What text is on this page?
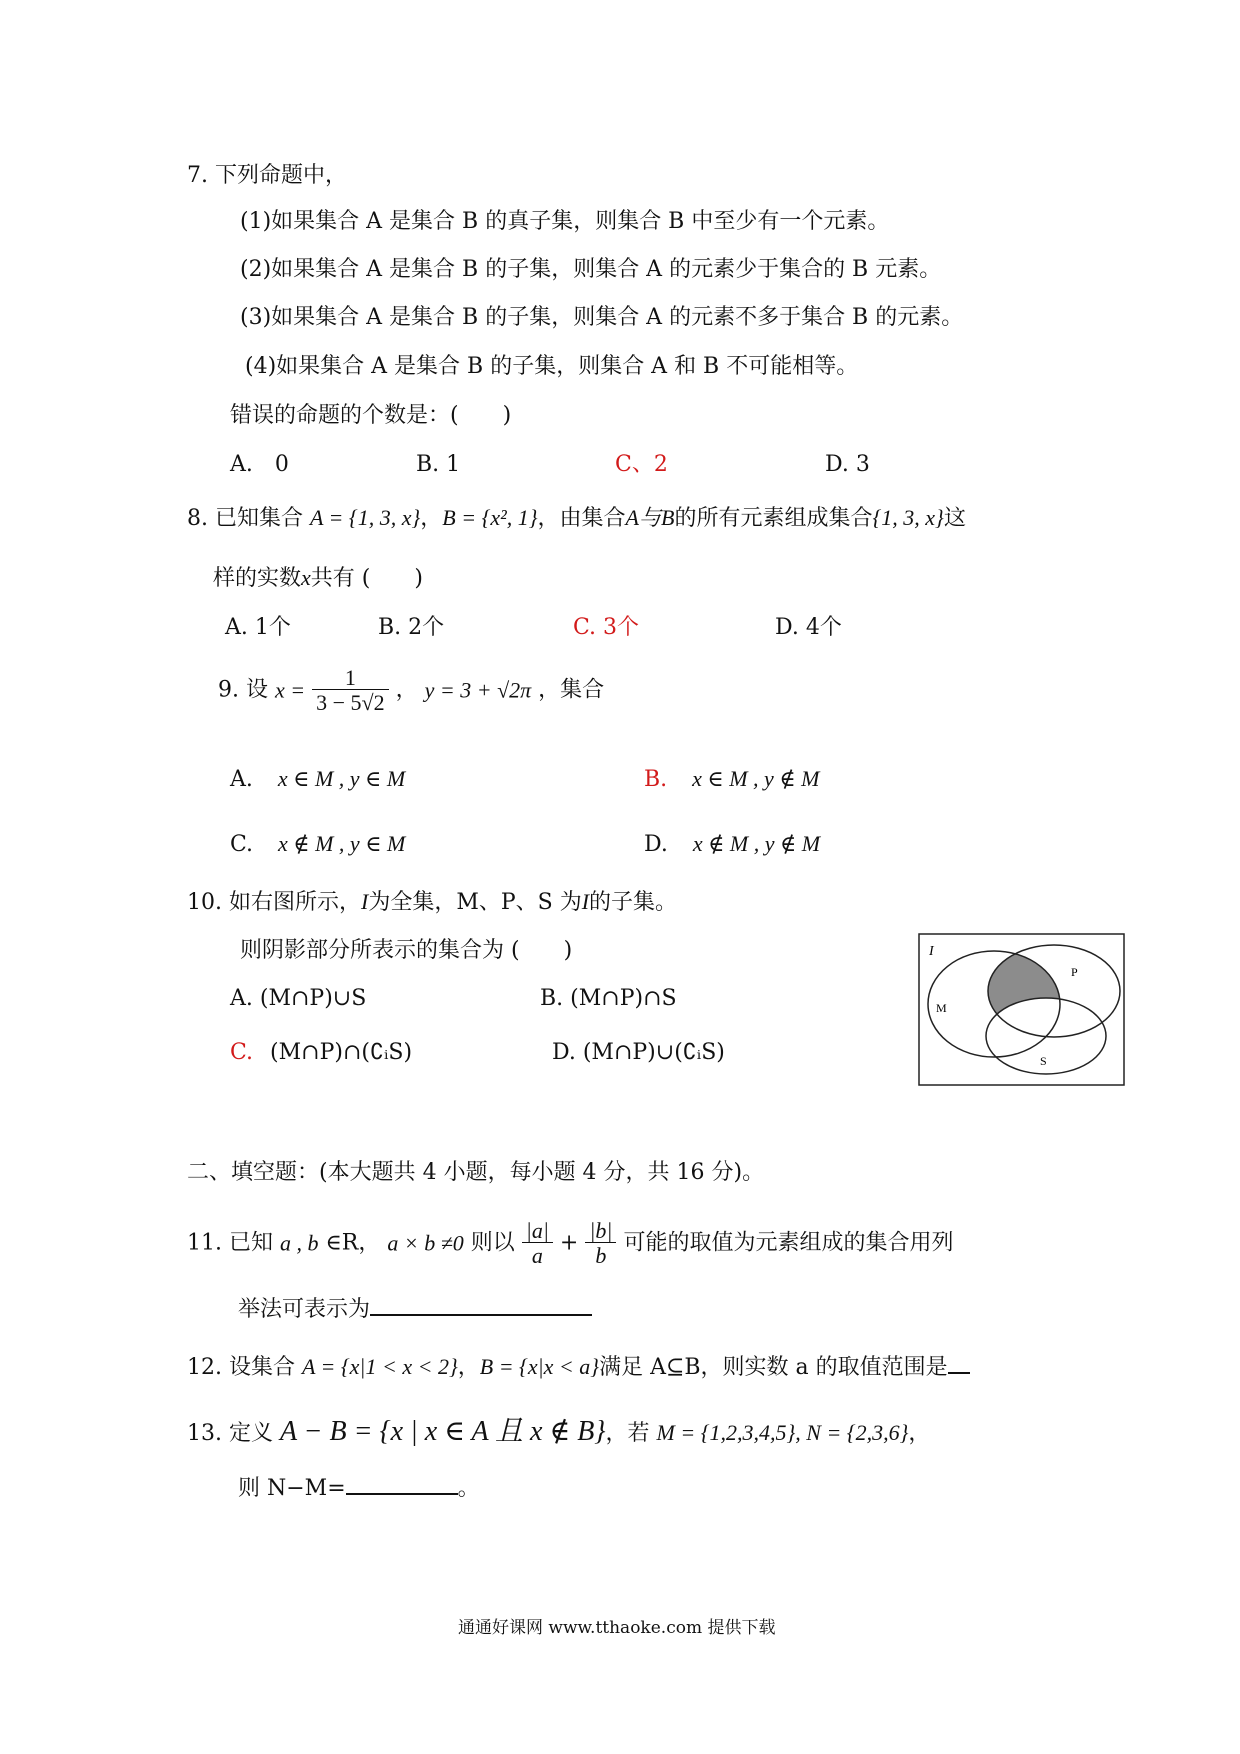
7. 下列命题中，
(1)如果集合 A 是集合 B 的真子集，则集合 B 中至少有一个元素。
(2)如果集合 A 是集合 B 的子集，则集合 A 的元素少于集合的 B 元素。
(3)如果集合 A 是集合 B 的子集，则集合 A 的元素不多于集合 B 的元素。
(4)如果集合 A 是集合 B 的子集，则集合 A 和 B 不可能相等。
错误的命题的个数是：(　　)
A.　0	B. 1	C、2	D. 3
8. 已知集合 A = {1, 3, x}，B = {x², 1}，由集合A与B的所有元素组成集合{1, 3, x}这
样的实数x共有 (　　)
A. 1个	B. 2个	C. 3个	D. 4个
9. 设 $x = \frac{1}{3 - 5√2}$ ， y = 3 + √2π ，集合
A. x ∈ M , y ∈ M	B. x ∈ M , y ∉ M
C. x ∉ M , y ∈ M	D. x ∉ M , y ∉ M
10. 如右图所示，I为全集，M、P、S 为I的子集。
则阴影部分所表示的集合为 (　　)
A. (M∩P)∪S	B. (M∩P)∩S
C. (M∩P)∩(∁ᵢS)	D. (M∩P)∪(∁ᵢS)
I
M
P
S
二、填空题：(本大题共 4 小题，每小题 4 分，共 16 分)。
11. 已知 a , b ∈R， a × b ≠0 则以 $\frac{|a|}{a} + \frac{|b|}{b}$ 可能的取值为元素组成的集合用列
举法可表示为
12. 设集合 A = {x|1 < x < 2}，B = {x|x < a}满足 A⊆B，则实数 a 的取值范围是
13. 定义 A − B = {x | x ∈ A 且 x ∉ B}，若 M = {1,2,3,4,5}, N = {2,3,6}，
则 N−M=	。
通通好课网 www.tthaoke.com 提供下载
